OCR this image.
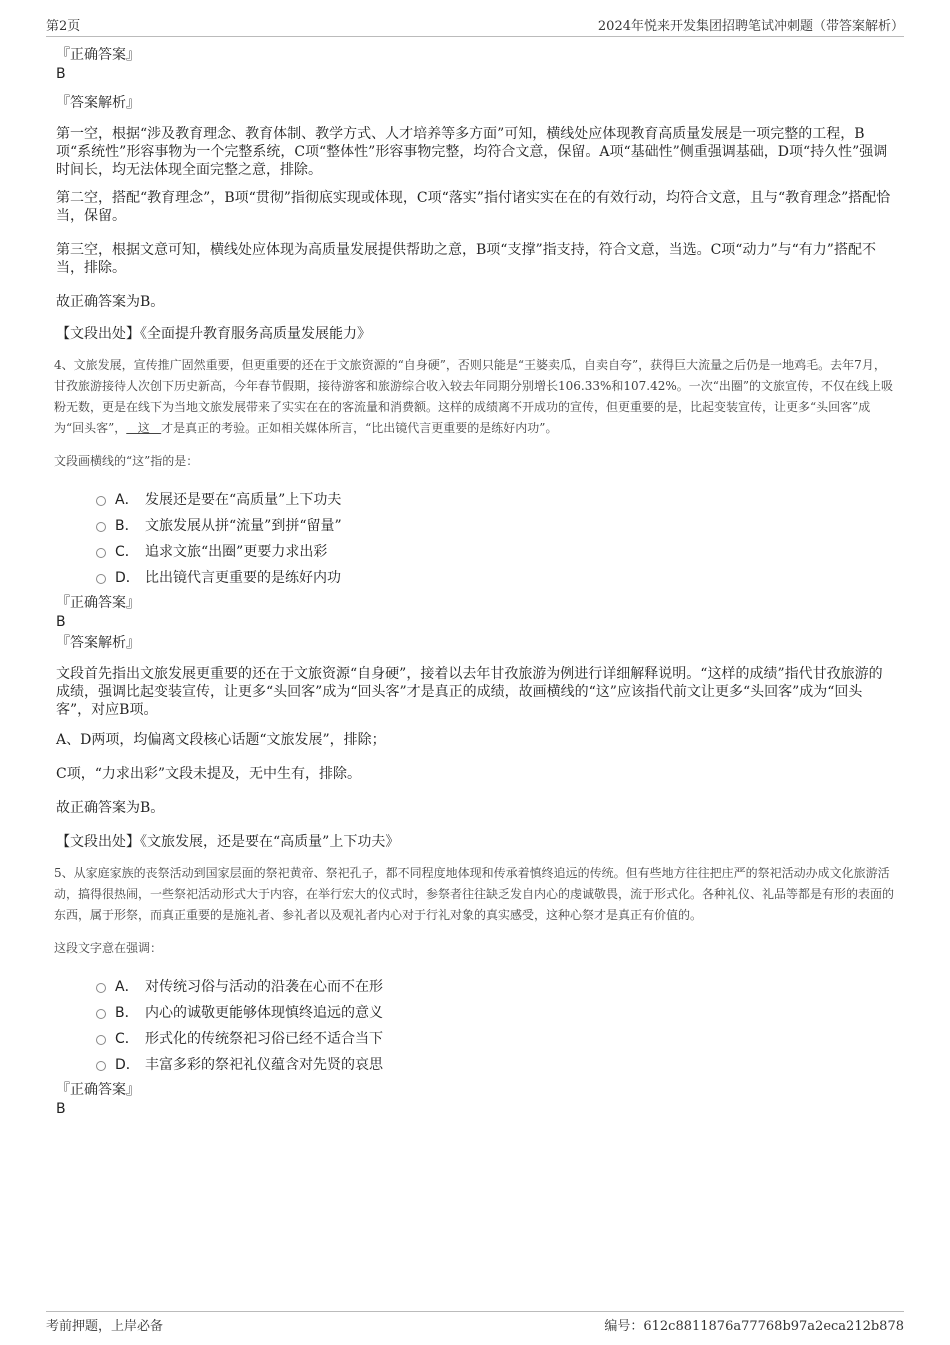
第2页	2024年悦来开发集团招聘笔试冲刺题（带答案解析）

『正确答案』

B

『答案解析』

第一空，根据“涉及教育理念、教育体制、教学方式、人才培养等多方面”可知，横线处应体现教育高质量发展是一项完整的工程，B项“系统性”形容事物为一个完整系统，C项“整体性”形容事物完整，均符合文意，保留。A项“基础性”侧重强调基础，D项“持久性”强调时间长，均无法体现全面完整之意，排除。

第二空，搭配“教育理念”，B项“贯彻”指彻底实现或体现，C项“落实”指付诸实实在在的有效行动，均符合文意，且与“教育理念”搭配恰当，保留。

第三空，根据文意可知，横线处应体现为高质量发展提供帮助之意，B项“支撑”指支持，符合文意，当选。C项“动力”与“有力”搭配不当，排除。

故正确答案为B。

【文段出处】《全面提升教育服务高质量发展能力》

4、文旅发展，宣传推广固然重要，但更重要的还在于文旅资源的“自身硬”，否则只能是“王婆卖瓜，自卖自夸”，获得巨大流量之后仍是一地鸡毛。去年7月，甘孜旅游接待人次创下历史新高，今年春节假期，接待游客和旅游综合收入较去年同期分别增长106.33%和107.42%。一次“出圈”的文旅宣传，不仅在线上吸粉无数，更是在线下为当地文旅发展带来了实实在在的客流量和消费额。这样的成绩离不开成功的宣传，但更重要的是，比起变装宣传，让更多“头回客”成为“回头客”，   这   才是真正的考验。正如相关媒体所言，“比出镜代言更重要的是练好内功”。

文段画横线的“这”指的是：

A． 发展还是要在“高质量”上下功夫
B． 文旅发展从拼“流量”到拼“留量”
C． 追求文旅“出圈”更要力求出彩
D． 比出镜代言更重要的是练好内功

『正确答案』

B

『答案解析』

文段首先指出文旅发展更重要的还在于文旅资源“自身硬”，接着以去年甘孜旅游为例进行详细解释说明。“这样的成绩”指代甘孜旅游的成绩，强调比起变装宣传，让更多“头回客”成为“回头客”才是真正的成绩，故画横线的“这”应该指代前文让更多“头回客”成为“回头客”，对应B项。

A、D两项，均偏离文段核心话题“文旅发展”，排除；

C项，“力求出彩”文段未提及，无中生有，排除。

故正确答案为B。

【文段出处】《文旅发展，还是要在“高质量”上下功夫》

5、从家庭家族的丧祭活动到国家层面的祭祀黄帝、祭祀孔子，都不同程度地体现和传承着慎终追远的传统。但有些地方往往把庄严的祭祀活动办成文化旅游活动，搞得很热闹，一些祭祀活动形式大于内容，在举行宏大的仪式时，参祭者往往缺乏发自内心的虔诚敬畏，流于形式化。各种礼仪、礼品等都是有形的表面的东西，属于形祭，而真正重要的是施礼者、参礼者以及观礼者内心对于行礼对象的真实感受，这种心祭才是真正有价值的。

这段文字意在强调：

A． 对传统习俗与活动的沿袭在心而不在形
B． 内心的诚敬更能够体现慎终追远的意义
C． 形式化的传统祭祀习俗已经不适合当下
D． 丰富多彩的祭祀礼仪蕴含对先贤的哀思

『正确答案』

B

考前押题，上岸必备	编号：612c8811876a77768b97a2eca212b878
